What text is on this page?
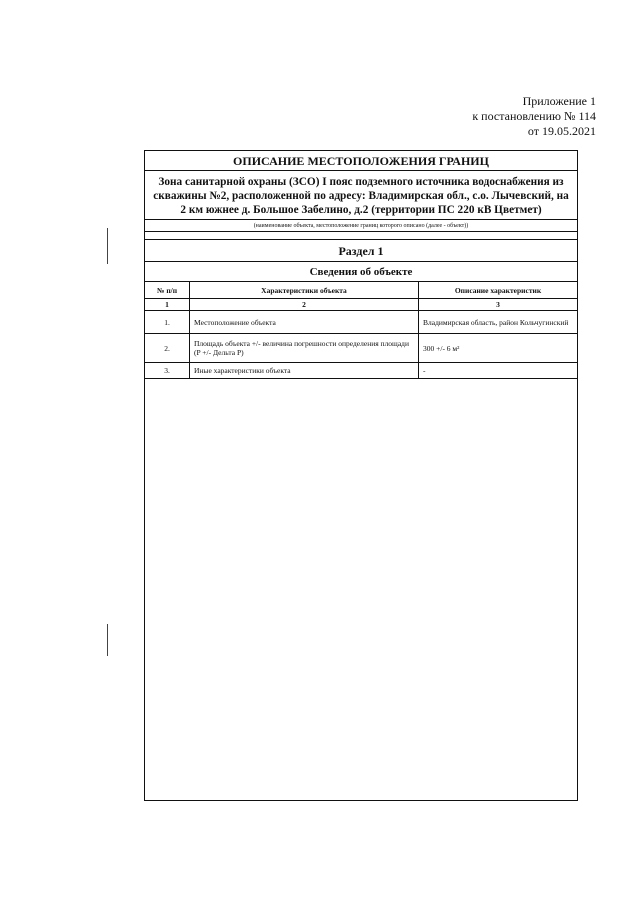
Приложение 1
к постановлению № 114
от 19.05.2021
ОПИСАНИЕ МЕСТОПОЛОЖЕНИЯ ГРАНИЦ
Зона санитарной охраны (ЗСО) I пояс подземного источника водоснабжения из скважины №2, расположенной по адресу: Владимирская обл., с.о. Лычевский, на 2 км южнее д. Большое Забелино, д.2 (территории ПС 220 кВ Цветмет)
(наименование объекта, местоположение границ которого описано (далее - объект))
Раздел 1
Сведения об объекте
№ п/п	Характеристики объекта	Описание характеристик
1	2	3
1.	Местоположение объекта	Владимирская область, район Кольчугинский
2.	Площадь объекта +/- величина погрешности определения площади (P +/- Дельта P)	300 +/- 6 м²
3.	Иные характеристики объекта	-
